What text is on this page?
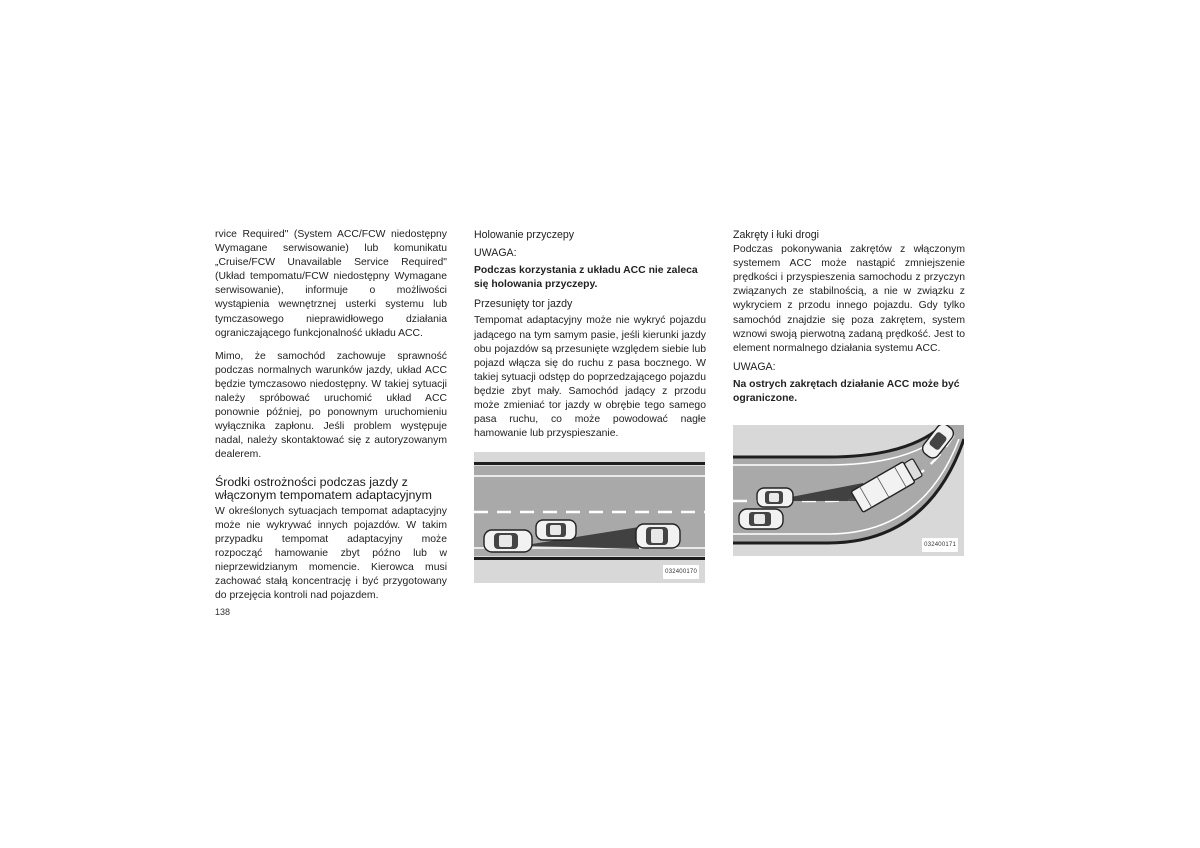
rvice Required" (System ACC/FCW niedostępny Wymagane serwisowanie) lub komunikatu „Cruise/FCW Unavailable Service Required" (Układ tempomatu/FCW niedostępny Wymagane serwisowanie), informuje o możliwości wystąpienia wewnętrznej usterki systemu lub tymczasowego nieprawidłowego działania ograniczającego funkcjonalność układu ACC.

Mimo, że samochód zachowuje sprawność podczas normalnych warunków jazdy, układ ACC będzie tymczasowo niedostępny. W takiej sytuacji należy spróbować uruchomić układ ACC ponownie później, po ponownym uruchomieniu wyłącznika zapłonu. Jeśli problem występuje nadal, należy skontaktować się z autoryzowanym dealerem.

Środki ostrożności podczas jazdy z włączonym tempomatem adaptacyjnym

W określonych sytuacjach tempomat adaptacyjny może nie wykrywać innych pojazdów. W takim przypadku tempomat adaptacyjny może rozpocząć hamowanie zbyt późno lub w nieprzewidzianym momencie. Kierowca musi zachować stałą koncentrację i być przygotowany do przejęcia kontroli nad pojazdem.

Holowanie przyczepy

UWAGA:

Podczas korzystania z układu ACC nie zaleca się holowania przyczepy.

Przesunięty tor jazdy

Tempomat adaptacyjny może nie wykryć pojazdu jadącego na tym samym pasie, jeśli kierunki jazdy obu pojazdów są przesunięte względem siebie lub pojazd włącza się do ruchu z pasa bocznego. W takiej sytuacji odstęp do poprzedzającego pojazdu będzie zbyt mały. Samochód jadący z przodu może zmieniać tor jazdy w obrębie tego samego pasa ruchu, co może powodować nagłe hamowanie lub przyspieszanie.

032400170

Zakręty i łuki drogi

Podczas pokonywania zakrętów z włączonym systemem ACC może nastąpić zmniejszenie prędkości i przyspieszenia samochodu z przyczyn związanych ze stabilnością, a nie w związku z wykryciem z przodu innego pojazdu. Gdy tylko samochód znajdzie się poza zakrętem, system wznowi swoją pierwotną zadaną prędkość. Jest to element normalnego działania systemu ACC.

UWAGA:

Na ostrych zakrętach działanie ACC może być ograniczone.

032400171
138
